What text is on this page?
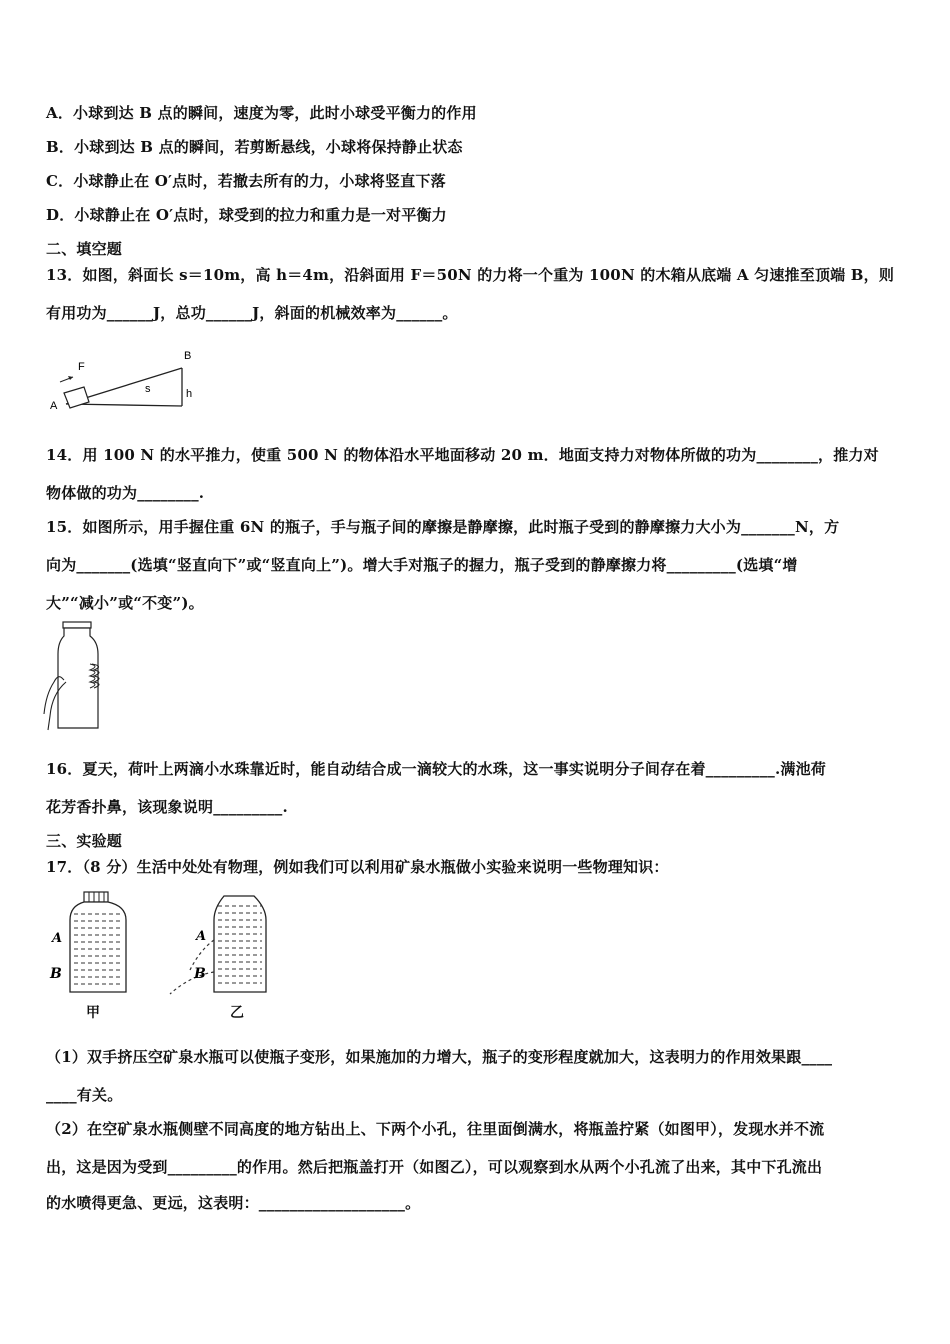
A．小球到达 B 点的瞬间，速度为零，此时小球受平衡力的作用
B．小球到达 B 点的瞬间，若剪断悬线，小球将保持静止状态
C．小球静止在 O′点时，若撤去所有的力，小球将竖直下落
D．小球静止在 O′点时，球受到的拉力和重力是一对平衡力
二、填空题
13．如图，斜面长 s＝10m，高 h＝4m，沿斜面用 F＝50N 的力将一个重为 100N 的木箱从底端 A 匀速推至顶端 B，则
有用功为______J，总功______J，斜面的机械效率为______。
F
B
A
s	h
14．用 100 N 的水平推力，使重 500 N 的物体沿水平地面移动 20 m．地面支持力对物体所做的功为________，推力对
物体做的功为________.
15．如图所示，用手握住重 6N 的瓶子，手与瓶子间的摩擦是静摩擦，此时瓶子受到的静摩擦力大小为_______N，方
向为_______(选填“竖直向下”或“竖直向上”)。增大手对瓶子的握力，瓶子受到的静摩擦力将_________(选填“增
大”“减小”或“不变”)。
16．夏天，荷叶上两滴小水珠靠近时，能自动结合成一滴较大的水珠，这一事实说明分子间存在着_________.满池荷
花芳香扑鼻，该现象说明_________.
三、实验题
17．（8 分）生活中处处有物理，例如我们可以利用矿泉水瓶做小实验来说明一些物理知识：
A
B
甲
A
B
乙
（1）双手挤压空矿泉水瓶可以使瓶子变形，如果施加的力增大，瓶子的变形程度就加大，这表明力的作用效果跟____
____有关。
（2）在空矿泉水瓶侧壁不同高度的地方钻出上、下两个小孔，往里面倒满水，将瓶盖拧紧（如图甲），发现水并不流
出，这是因为受到_________的作用。然后把瓶盖打开（如图乙），可以观察到水从两个小孔流了出来，其中下孔流出
的水喷得更急、更远，这表明：___________________。
